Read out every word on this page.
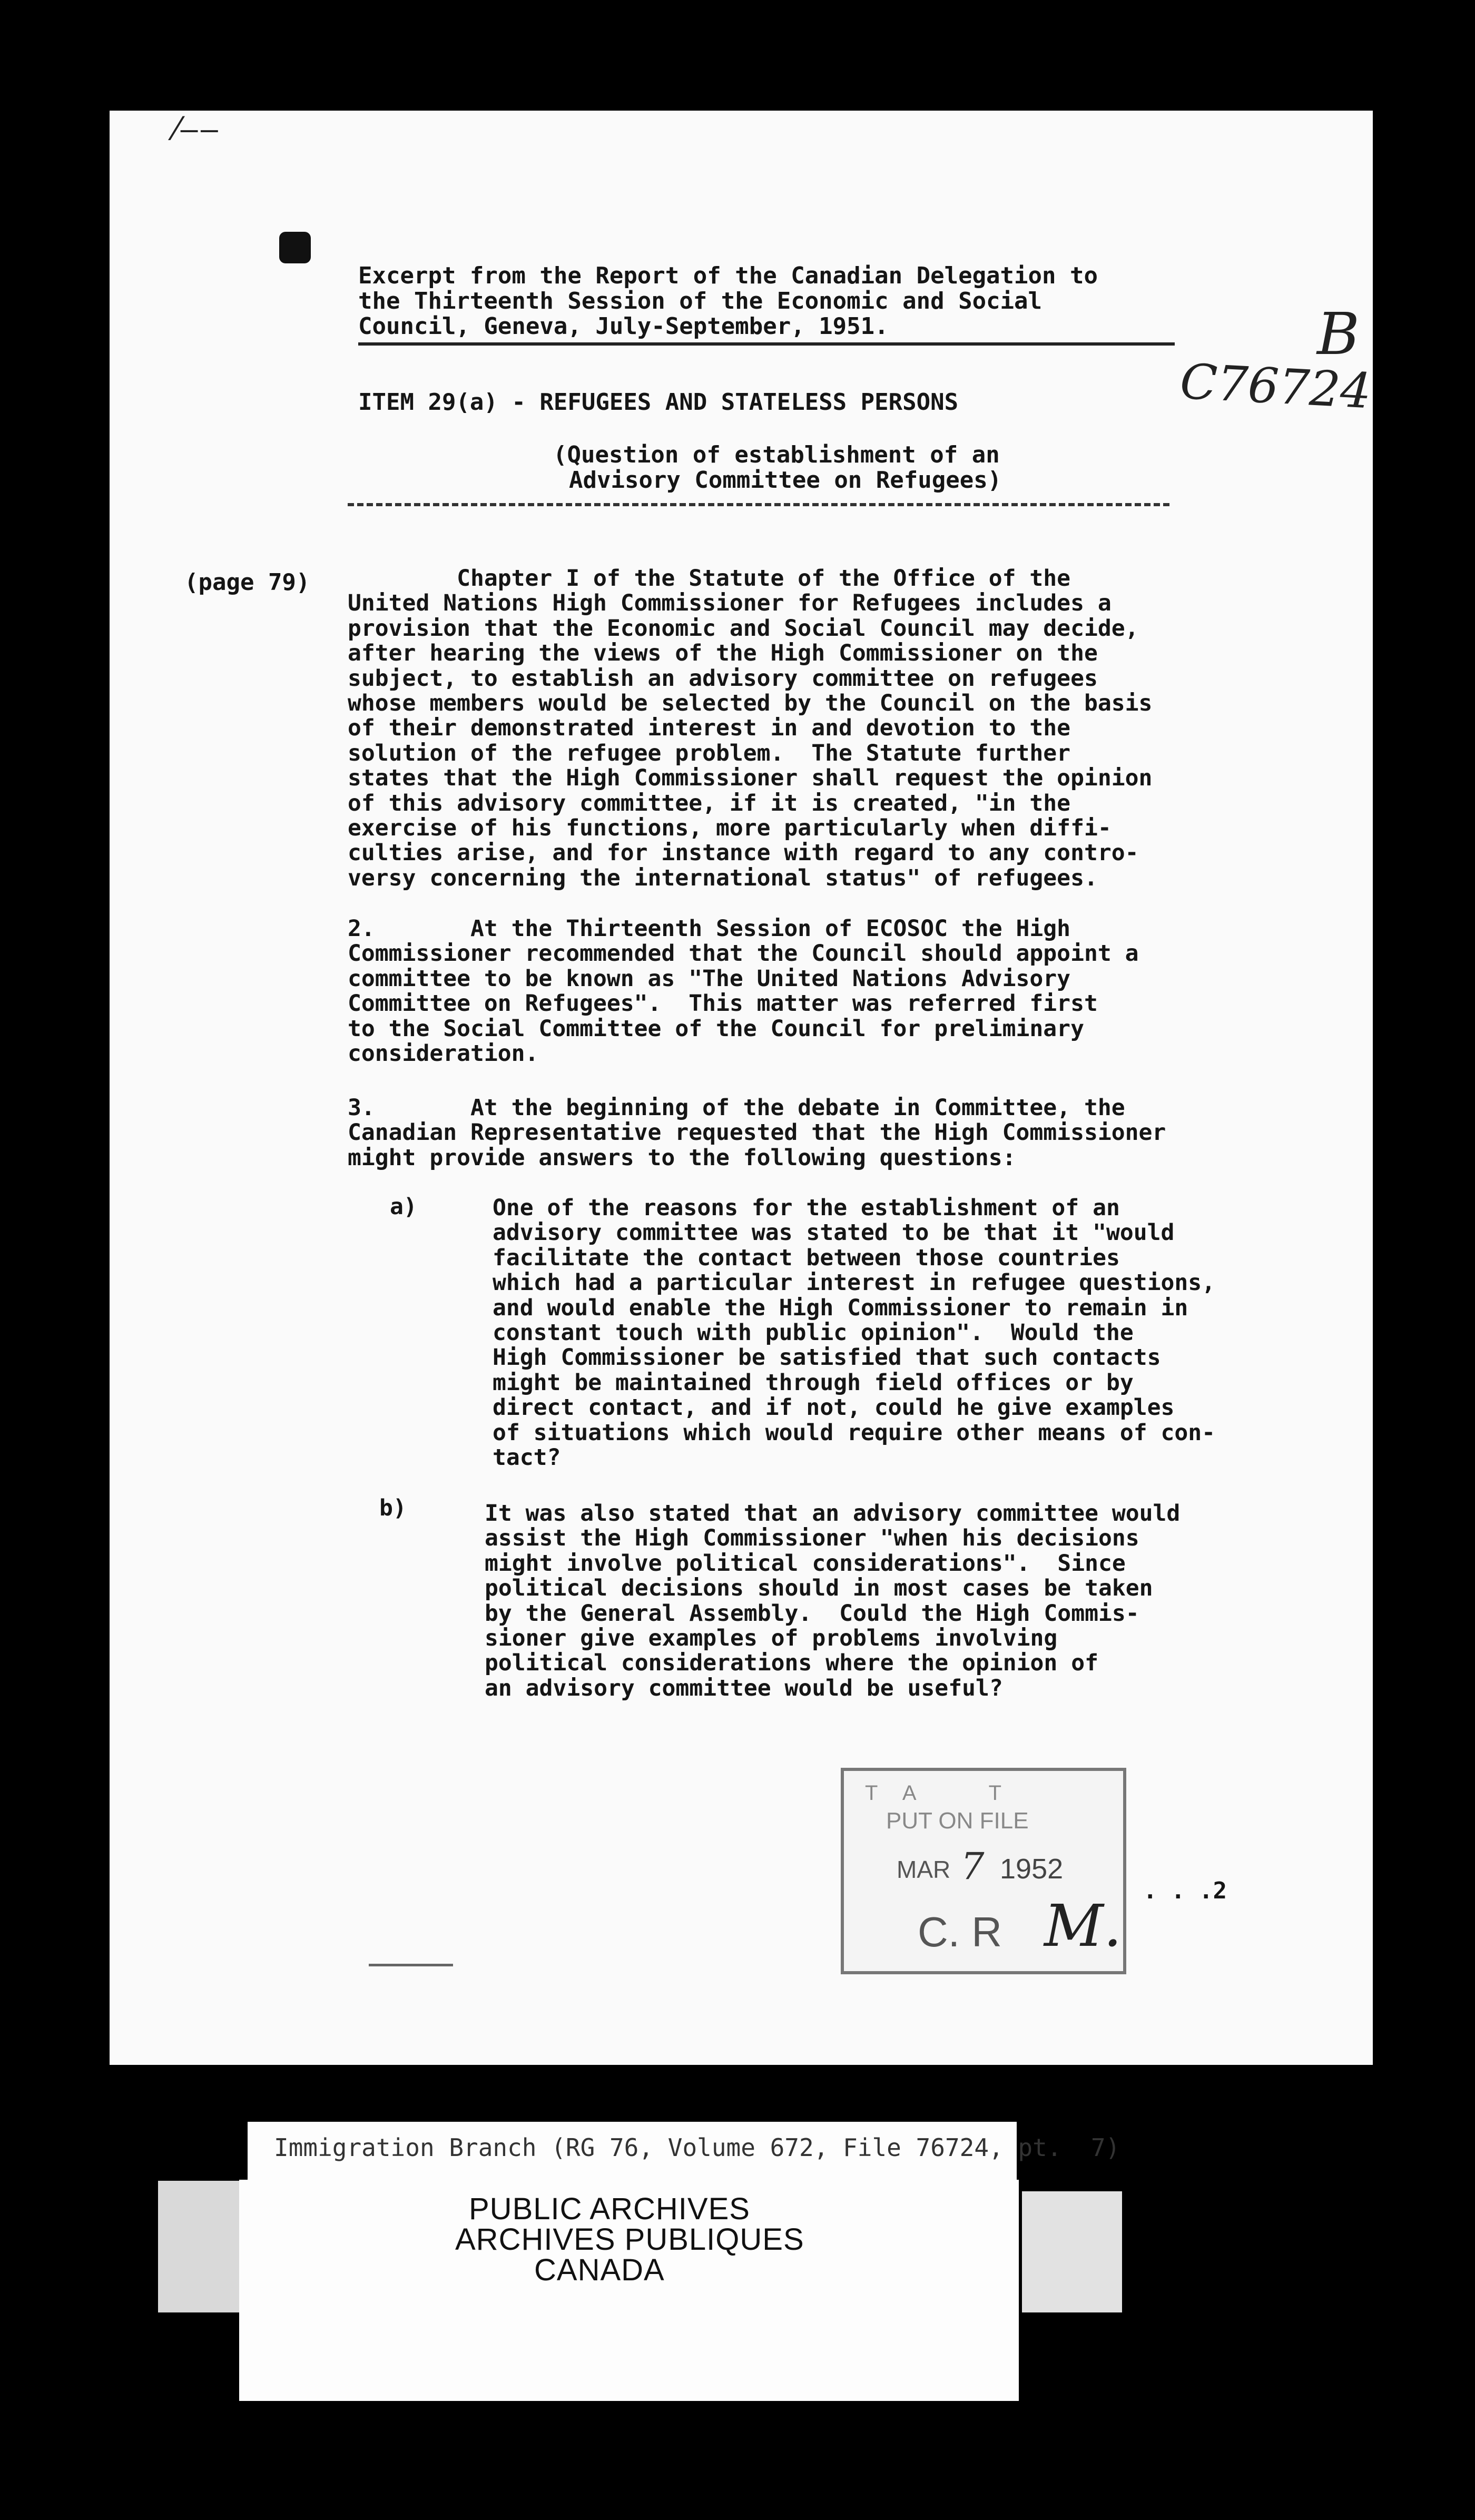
⁄‒‒

Excerpt from the Report of the Canadian Delegation to

the Thirteenth Session of the Economic and Social

Council, Geneva, July-September, 1951.	B
C76724

ITEM 29(a) - REFUGEES AND STATELESS PERSONS

(Question of establishment of an

Advisory Committee on Refugees)

(page 79) Chapter I of the Statute of the Office of the
United Nations High Commissioner for Refugees includes a
provision that the Economic and Social Council may decide,
after hearing the views of the High Commissioner on the
subject, to establish an advisory committee on refugees
whose members would be selected by the Council on the basis
of their demonstrated interest in and devotion to the
solution of the refugee problem.  The Statute further
states that the High Commissioner shall request the opinion
of this advisory committee, if it is created, "in the
exercise of his functions, more particularly when diffi-
culties arise, and for instance with regard to any contro-
versy concerning the international status" of refugees.
2.       At the Thirteenth Session of ECOSOC the High
Commissioner recommended that the Council should appoint a
committee to be known as "The United Nations Advisory
Committee on Refugees".  This matter was referred first
to the Social Committee of the Council for preliminary
consideration.
3.       At the beginning of the debate in Committee, the
Canadian Representative requested that the High Commissioner
might provide answers to the following questions:

a)	One of the reasons for the establishment of an
advisory committee was stated to be that it "would
facilitate the contact between those countries
which had a particular interest in refugee questions,
and would enable the High Commissioner to remain in
constant touch with public opinion".  Would the
High Commissioner be satisfied that such contacts
might be maintained through field offices or by
direct contact, and if not, could he give examples
of situations which would require other means of con-
tact?

b)	It was also stated that an advisory committee would
assist the High Commissioner "when his decisions
might involve political considerations".  Since
political decisions should in most cases be taken
by the General Assembly.  Could the High Commis-
sioner give examples of problems involving
political considerations where the opinion of
an advisory committee would be useful?
T   A         T
PUT ON FILE
MAR 7 1952
C. R M.

. . .2

Immigration Branch (RG 76, Volume 672, File 76724, pt.  7)
PUBLIC ARCHIVES
ARCHIVES PUBLIQUES
CANADA
